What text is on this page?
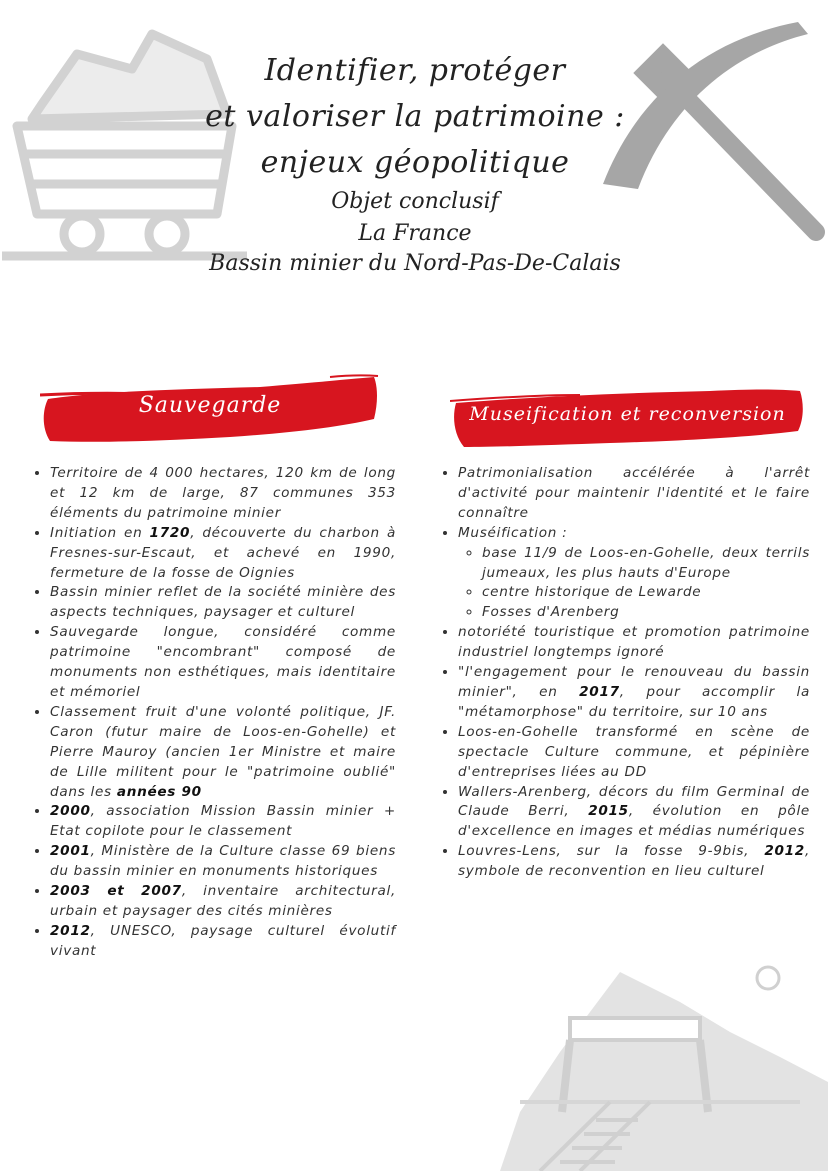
Identifier, protéger
et valoriser la patrimoine :
enjeux géopolitique
Objet conclusif
La France
Bassin minier du Nord-Pas-De-Calais
Sauvegarde	Museification et reconversion
• Territoire de 4 000 hectares, 120 km de long et 12 km de large, 87 communes 353 éléments du patrimoine minier
• Initiation en 1720, découverte du charbon à Fresnes-sur-Escaut, et achevé en 1990, fermeture de la fosse de Oignies
• Bassin minier reflet de la société minière des aspects techniques, paysager et culturel
• Sauvegarde longue, considéré comme patrimoine "encombrant" composé de monuments non esthétiques, mais identitaire et mémoriel
• Classement fruit d'une volonté politique, JF. Caron (futur maire de Loos-en-Gohelle) et Pierre Mauroy (ancien 1er Ministre et maire de Lille militent pour le "patrimoine oublié" dans les années 90
• 2000, association Mission Bassin minier + Etat copilote pour le classement
• 2001, Ministère de la Culture classe 69 biens du bassin minier en monuments historiques
• 2003 et 2007, inventaire architectural, urbain et paysager des cités minières
• 2012, UNESCO, paysage culturel évolutif vivant
• Patrimonialisation accélérée à l'arrêt d'activité pour maintenir l'identité et le faire connaître
• Muséification :
◦ base 11/9 de Loos-en-Gohelle, deux terrils jumeaux, les plus hauts d'Europe
◦ centre historique de Lewarde
◦ Fosses d'Arenberg
• notoriété touristique et promotion patrimoine industriel longtemps ignoré
• "l'engagement pour le renouveau du bassin minier", en 2017, pour accomplir la "métamorphose" du territoire, sur 10 ans
• Loos-en-Gohelle transformé en scène de spectacle Culture commune, et pépinière d'entreprises liées au DD
• Wallers-Arenberg, décors du film Germinal de Claude Berri, 2015, évolution en pôle d'excellence en images et médias numériques
• Louvres-Lens, sur la fosse 9-9bis, 2012, symbole de reconvention en lieu culturel
